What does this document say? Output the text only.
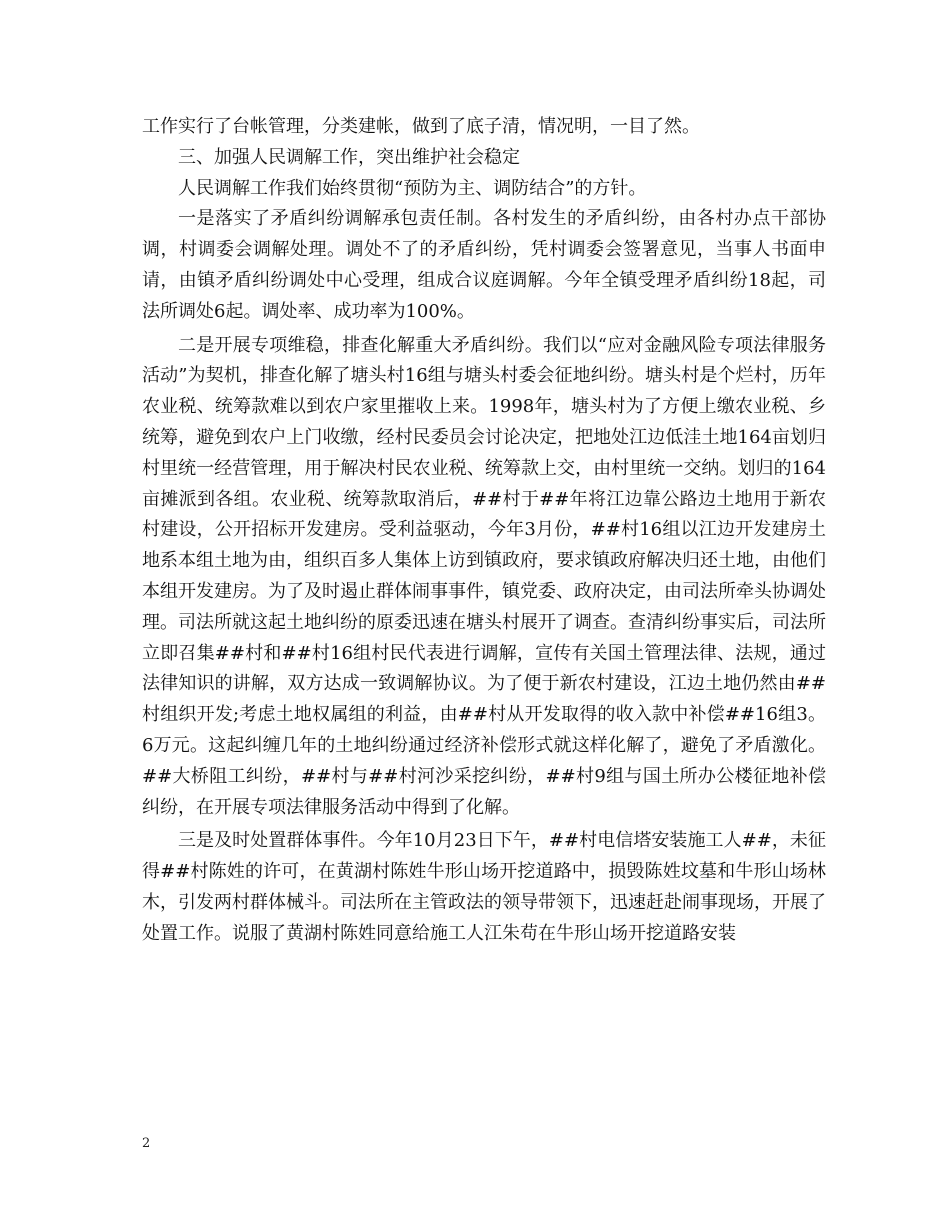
工作实行了台帐管理，分类建帐，做到了底子清，情况明，一目了然。

三、加强人民调解工作，突出维护社会稳定

人民调解工作我们始终贯彻“预防为主、调防结合”的方针。

一是落实了矛盾纠纷调解承包责任制。各村发生的矛盾纠纷，由各村办点干部协调，村调委会调解处理。调处不了的矛盾纠纷，凭村调委会签署意见，当事人书面申请，由镇矛盾纠纷调处中心受理，组成合议庭调解。今年全镇受理矛盾纠纷18起，司法所调处6起。调处率、成功率为100%。

二是开展专项维稳，排查化解重大矛盾纠纷。我们以“应对金融风险专项法律服务活动”为契机，排查化解了塘头村16组与塘头村委会征地纠纷。塘头村是个烂村，历年农业税、统筹款难以到农户家里摧收上来。1998年，塘头村为了方便上缴农业税、乡统筹，避免到农户上门收缴，经村民委员会讨论决定，把地处江边低洼土地164亩划归村里统一经营管理，用于解决村民农业税、统筹款上交，由村里统一交纳。划归的164亩摊派到各组。农业税、统筹款取消后，##村于##年将江边靠公路边土地用于新农村建设，公开招标开发建房。受利益驱动，今年3月份，##村16组以江边开发建房土地系本组土地为由，组织百多人集体上访到镇政府，要求镇政府解决归还土地，由他们本组开发建房。为了及时遏止群体闹事事件，镇党委、政府决定，由司法所牵头协调处理。司法所就这起土地纠纷的原委迅速在塘头村展开了调查。查清纠纷事实后，司法所立即召集##村和##村16组村民代表进行调解，宣传有关国土管理法律、法规，通过法律知识的讲解，双方达成一致调解协议。为了便于新农村建设，江边土地仍然由##村组织开发;考虑土地权属组的利益，由##村从开发取得的收入款中补偿##16组3。6万元。这起纠缠几年的土地纠纷通过经济补偿形式就这样化解了，避免了矛盾激化。##大桥阻工纠纷，##村与##村河沙采挖纠纷，##村9组与国土所办公楼征地补偿纠纷，在开展专项法律服务活动中得到了化解。

三是及时处置群体事件。今年10月23日下午，##村电信塔安装施工人##，未征得##村陈姓的许可，在黄湖村陈姓牛形山场开挖道路中，损毁陈姓坟墓和牛形山场林木，引发两村群体械斗。司法所在主管政法的领导带领下，迅速赶赴闹事现场，开展了处置工作。说服了黄湖村陈姓同意给施工人江朱苟在牛形山场开挖道路安装

2
